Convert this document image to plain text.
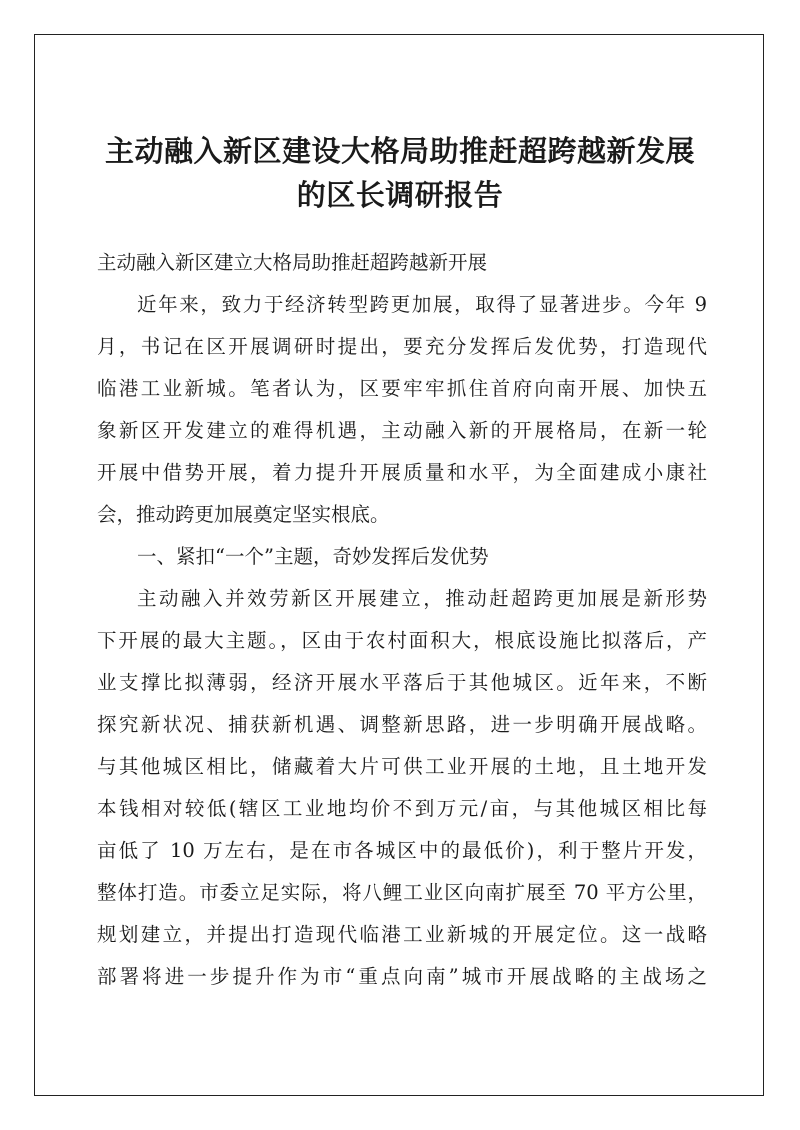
主动融入新区建设大格局助推赶超跨越新发展
的区长调研报告
主动融入新区建立大格局助推赶超跨越新开展
近年来，致力于经济转型跨更加展，取得了显著进步。今年 9
月，书记在区开展调研时提出，要充分发挥后发优势，打造现代
临港工业新城。笔者认为，区要牢牢抓住首府向南开展、加快五
象新区开发建立的难得机遇，主动融入新的开展格局，在新一轮
开展中借势开展，着力提升开展质量和水平，为全面建成小康社
会，推动跨更加展奠定坚实根底。
一、紧扣“一个”主题，奇妙发挥后发优势
主动融入并效劳新区开展建立，推动赶超跨更加展是新形势
下开展的最大主题。，区由于农村面积大，根底设施比拟落后，产
业支撑比拟薄弱，经济开展水平落后于其他城区。近年来，不断
探究新状况、捕获新机遇、调整新思路，进一步明确开展战略。
与其他城区相比，储藏着大片可供工业开展的土地，且土地开发
本钱相对较低(辖区工业地均价不到万元/亩，与其他城区相比每
亩低了 10 万左右，是在市各城区中的最低价)，利于整片开发，
整体打造。市委立足实际，将八鲤工业区向南扩展至 70 平方公里，
规划建立，并提出打造现代临港工业新城的开展定位。这一战略
部署将进一步提升作为市“重点向南”城市开展战略的主战场之
